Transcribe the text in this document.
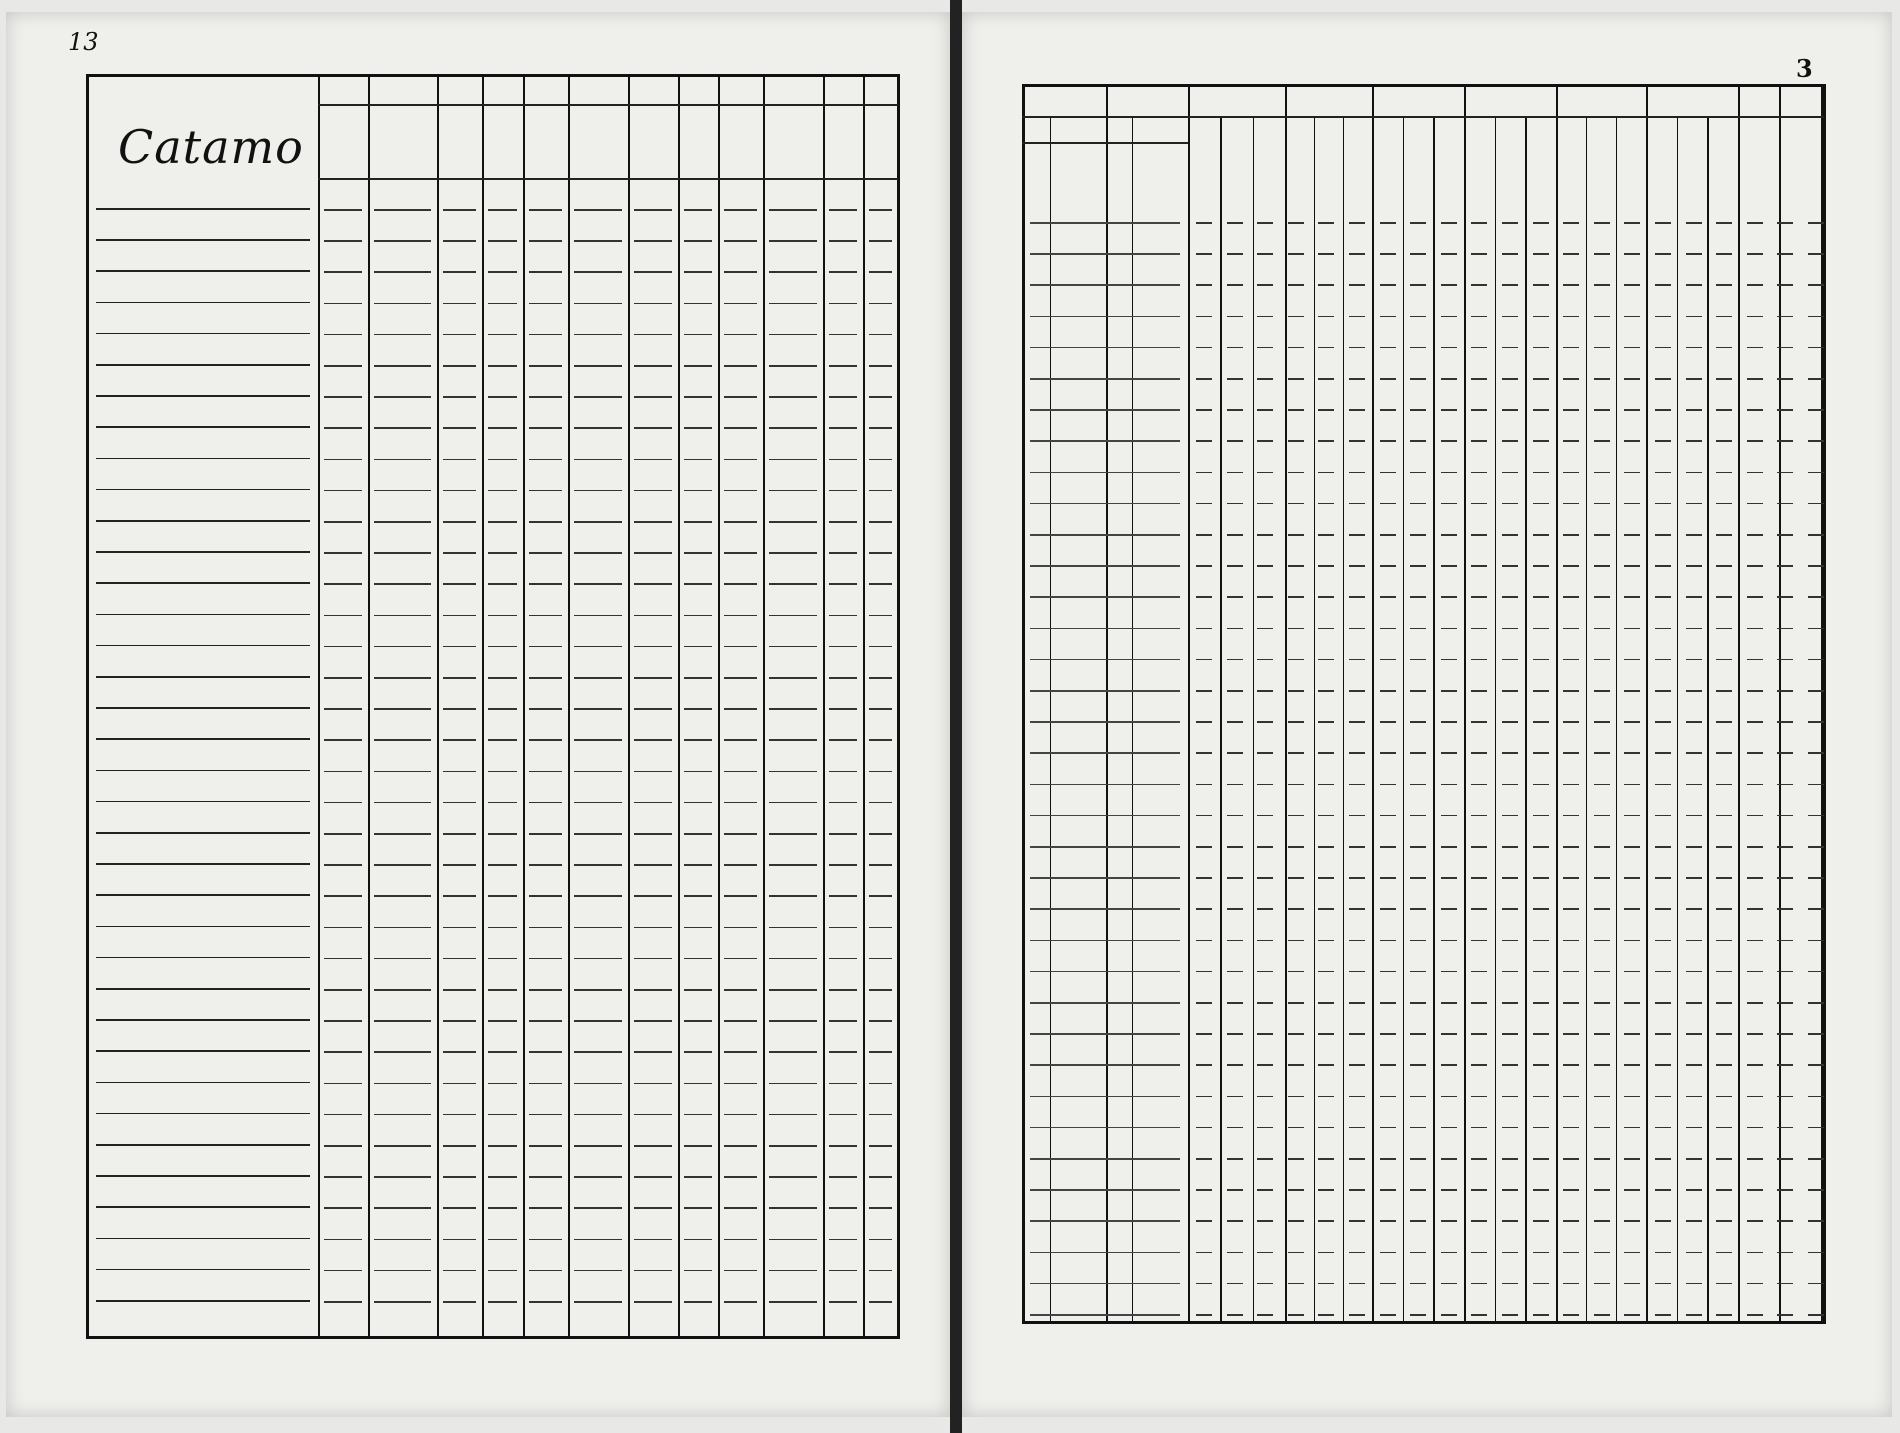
13
3
Catamo
